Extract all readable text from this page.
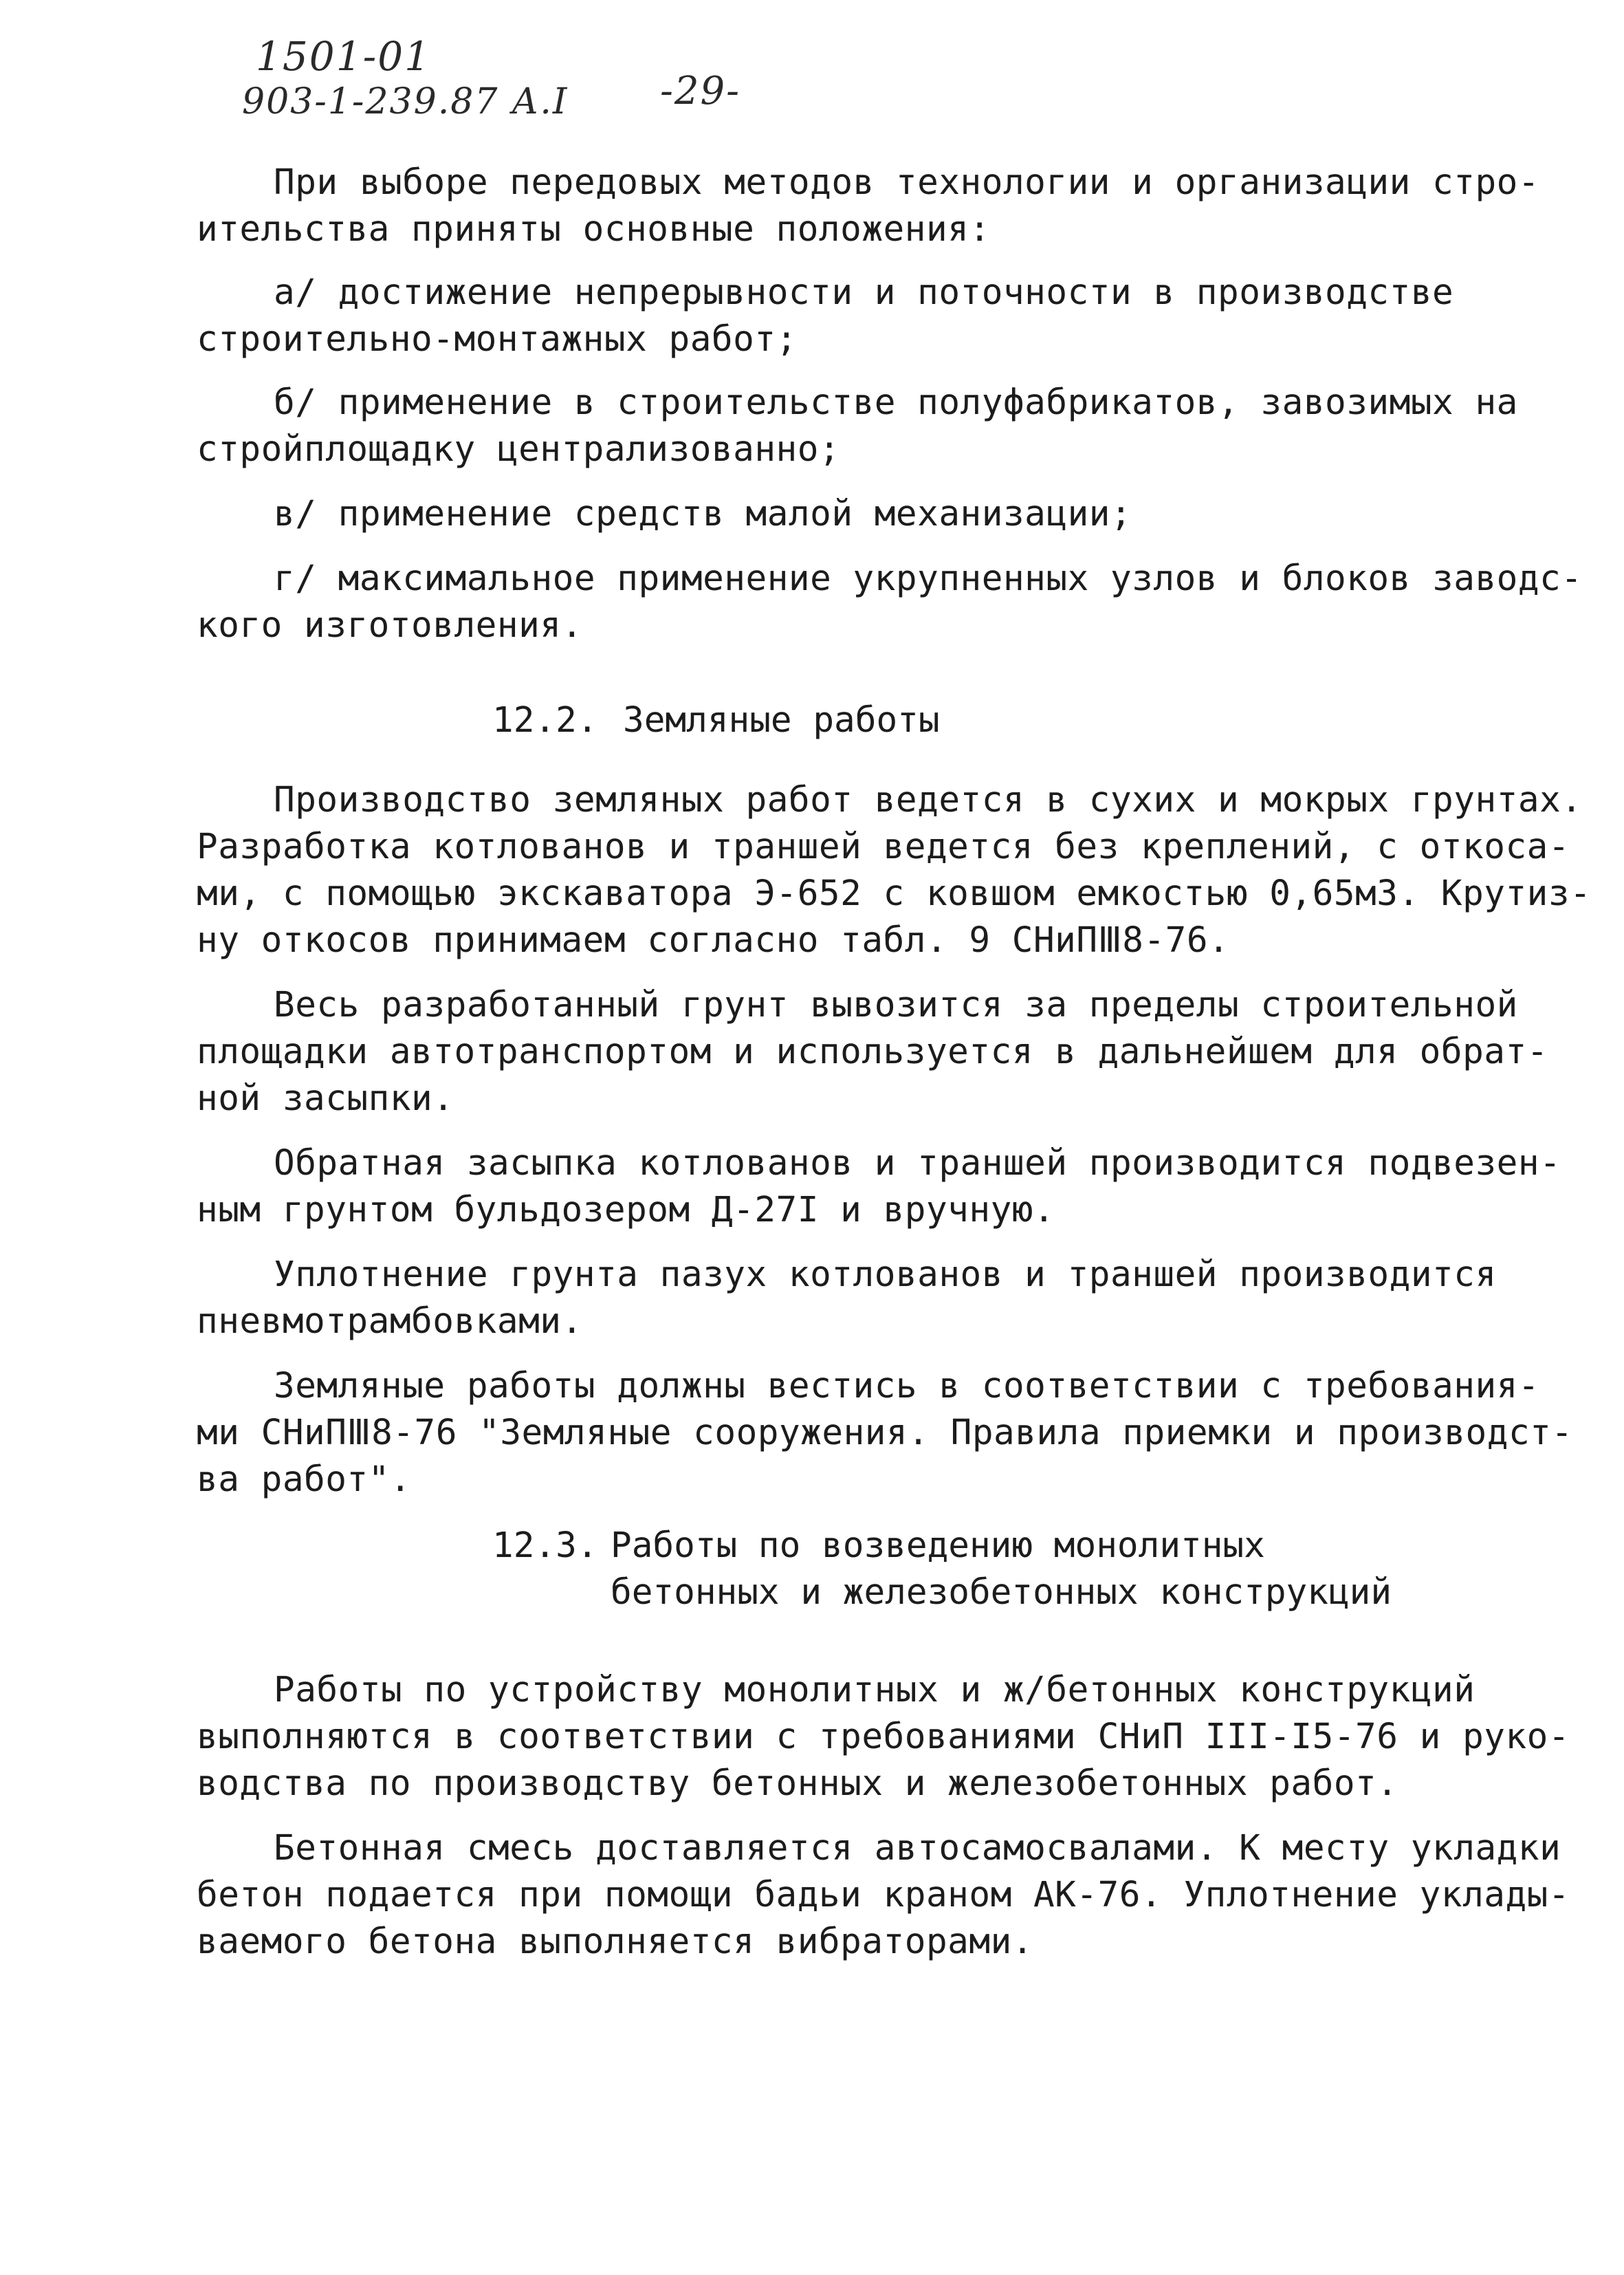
1501-01
903-1-239.87 А.I -29-
При выборе передовых методов технологии и организации стро-
ительства приняты основные положения:
а/ достижение непрерывности и поточности в производстве
строительно-монтажных работ;
б/ применение в строительстве полуфабрикатов, завозимых на
стройплощадку централизованно;
в/ применение средств малой механизации;
г/ максимальное применение укрупненных узлов и блоков заводс-
кого изготовления.
12.2. Земляные работы
Производство земляных работ ведется в сухих и мокрых грунтах.
Разработка котлованов и траншей ведется без креплений, с откоса-
ми, с помощью экскаватора Э-652 с ковшом емкостью 0,65м3. Крутиз-
ну откосов принимаем согласно табл. 9 СНиПⅢ8-76.
Весь разработанный грунт вывозится за пределы строительной
площадки автотранспортом и используется в дальнейшем для обрат-
ной засыпки.
Обратная засыпка котлованов и траншей производится подвезен-
ным грунтом бульдозером Д-27I и вручную.
Уплотнение грунта пазух котлованов и траншей производится
пневмотрамбовками.
Земляные работы должны вестись в соответствии с требования-
ми СНиПⅢ8-76 "Земляные сооружения. Правила приемки и производст-
ва работ".
12.3. Работы по возведению монолитных
бетонных и железобетонных конструкций
Работы по устройству монолитных и ж/бетонных конструкций
выполняются в соответствии с требованиями СНиП III-I5-76 и руко-
водства по производству бетонных и железобетонных работ.
Бетонная смесь доставляется автосамосвалами. К месту укладки
бетон подается при помощи бадьи краном АК-76. Уплотнение уклады-
ваемого бетона выполняется вибраторами.
